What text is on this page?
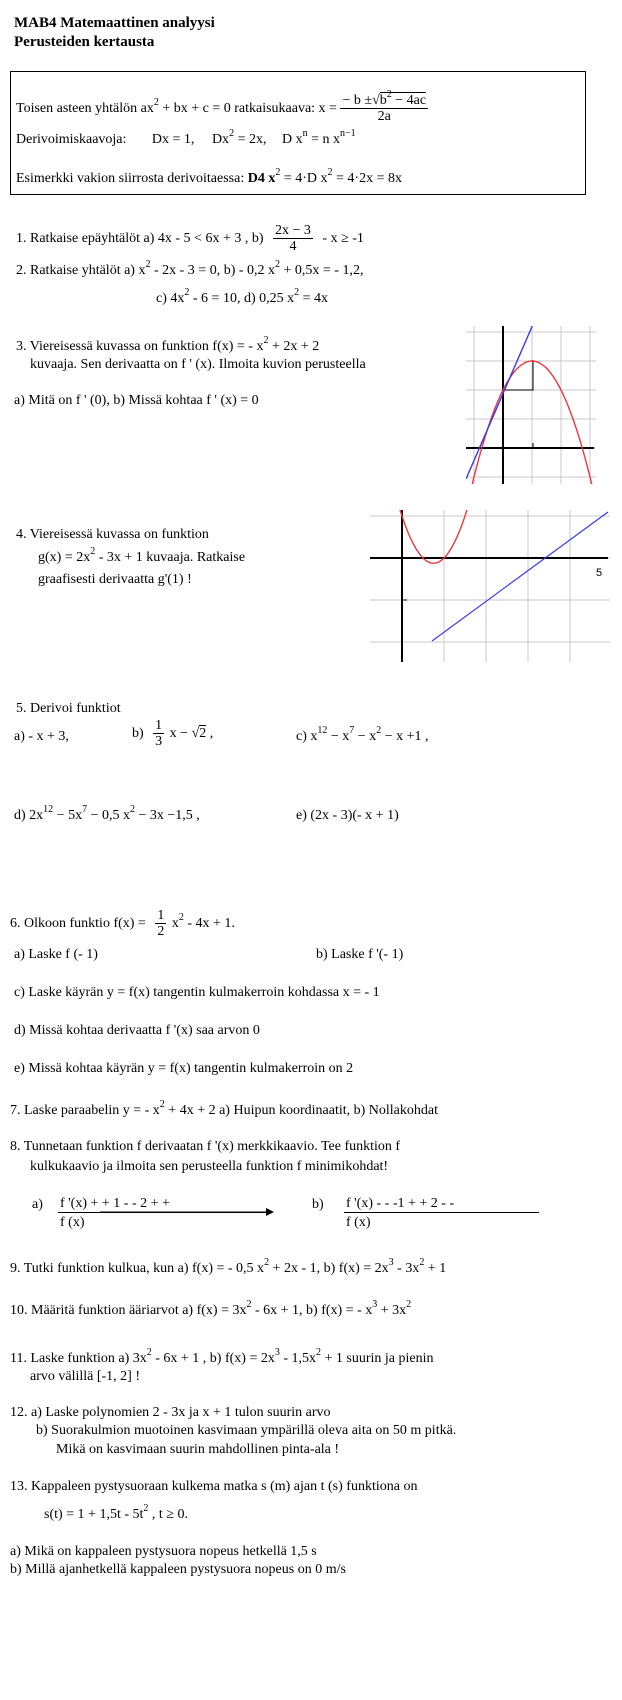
MAB4 Matemaattinen analyysi
Perusteiden kertausta
Toisen asteen yhtälön $ax^2$ + bx + c = 0 ratkaisukaava: $x = \frac{- b \pm√b^2 - 4ac}{2a}$
Derivoimiskaavoja: Dx = 1, $Dx^2 = 2x$, D $x^n = n$ $x^{n-1}$
Esimerkki vakion siirrosta derivoitaessa: D4 $x^2 = 4\cdot D$ $x^2 = 4\cdot 2x = 8x$
1. Ratkaise epäyhtälöt a) 4x - 5 < 6x + 3 , $b) \frac{2x - 3}{4} - x \ge -1$
2. Ratkaise yhtälöt a) $x^2 - 2x - 3 = 0$, b) - 0,2 $x^2 + 0,5x$ = - 1,2,
c) $4x^2 - 6 = 10$, d) 0,25 $x^2 = 4x$
3. Viereisessä kuvassa on funktion f(x) = - $x^2 + 2x + 2$
kuvaaja. Sen derivaatta on f ' (x). Ilmoita kuvion perusteella
a) Mitä on f ' (0), b) Missä kohtaa f ' (x) = 0
4. Viereisessä kuvassa on funktion
$g(x) = 2x^2 - 3x + 1$ kuvaaja. Ratkaise
graafisesti derivaatta g'(1) !	5
5. Derivoi funktiot
a) - x + 3,	$b) \frac{1}{3}$ x − √2 ,	c) $x^{12} - x^7 - x^2 - x +1$ ,
d) $2x^{12} - 5x^7 - 0,5$ $x^2 - 3x -1,5$ ,	e) (2x - 3)(- x + 1)
6. Olkoon funktio $f(x) = \frac{1}{2} x^2 - 4x + 1$.
a) Laske f (- 1)	b) Laske f '(- 1)
c) Laske käyrän y = f(x) tangentin kulmakerroin kohdassa x = - 1
d) Missä kohtaa derivaatta f '(x) saa arvon 0
e) Missä kohtaa käyrän y = f(x) tangentin kulmakerroin on 2
7. Laske paraabelin y = - $x^2 + 4x + 2$ a) Huipun koordinaatit, b) Nollakohdat
8. Tunnetaan funktion f derivaatan f '(x) merkkikaavio. Tee funktion f
kulkukaavio ja ilmoita sen perusteella funktion f minimikohdat!
a) f '(x) + + 1 - - 2 + +
f (x)
b) f '(x) - - -1 + + 2 - -
f (x)
9. Tutki funktion kulkua, kun a) f(x) = - 0,5 $x^2 + 2x - 1$, b) $f(x) = 2x^3 - 3x^2 + 1$
10. Määritä funktion ääriarvot a) $f(x) = 3x^2 - 6x + 1$, b) f(x) = - $x^3 + 3x^2$
11. Laske funktion a) $3x^2 - 6x + 1$ , b) $f(x) = 2x^3 - 1,5x^2 + 1$ suurin ja pienin
arvo välillä [-1, 2] !
12. a) Laske polynomien 2 - 3x ja x + 1 tulon suurin arvo
b) Suorakulmion muotoinen kasvimaan ympärillä oleva aita on 50 m pitkä.
Mikä on kasvimaan suurin mahdollinen pinta-ala !
13. Kappaleen pystysuoraan kulkema matka s (m) ajan t (s) funktiona on
$s(t) = 1 + 1,5t - 5t^2$ , t ≥ 0.
a) Mikä on kappaleen pystysuora nopeus hetkellä 1,5 s
b) Millä ajanhetkellä kappaleen pystysuora nopeus on 0 m/s
